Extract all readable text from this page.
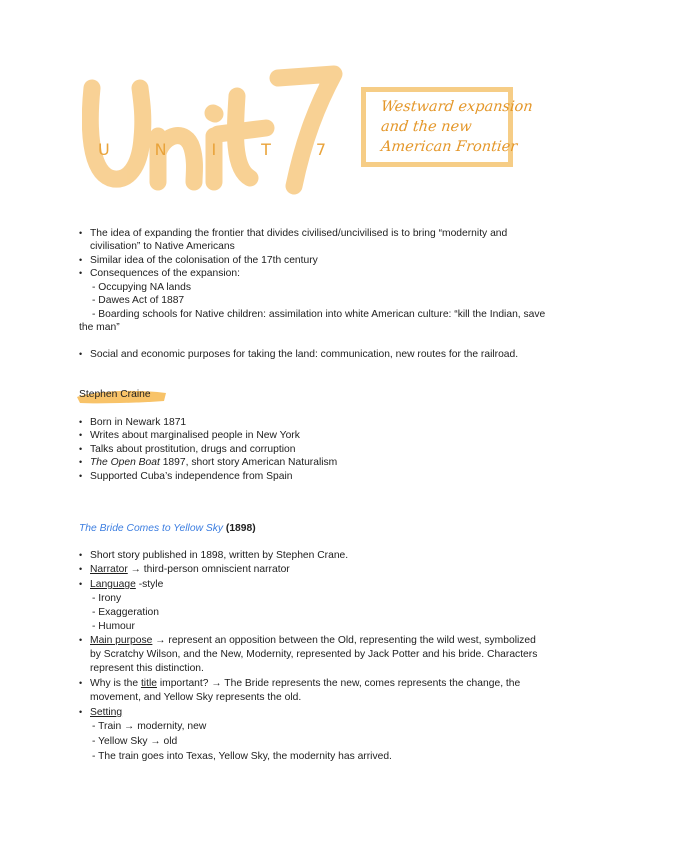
U	N	I	T	7
Westward expansion
and the new
American Frontier
• The idea of expanding the frontier that divides civilised/uncivilised is to bring “modernity and
civilisation” to Native Americans
• Similar idea of the colonisation of the 17th century
• Consequences of the expansion:
- Occupying NA lands
- Dawes Act of 1887
- Boarding schools for Native children: assimilation into white American culture: “kill the Indian, save
the man”
• Social and economic purposes for taking the land: communication, new routes for the railroad.
Stephen Craine
• Born in Newark 1871
• Writes about marginalised people in New York
• Talks about prostitution, drugs and corruption
• The Open Boat 1897, short story American Naturalism
• Supported Cuba’s independence from Spain
The Bride Comes to Yellow Sky (1898)
• Short story published in 1898, written by Stephen Crane.
• Narrator → third-person omniscient narrator
• Language -style
- Irony
- Exaggeration
- Humour
• Main purpose → represent an opposition between the Old, representing the wild west, symbolized
by Scratchy Wilson, and the New, Modernity, represented by Jack Potter and his bride. Characters
represent this distinction.
• Why is the title important? → The Bride represents the new, comes represents the change, the
movement, and Yellow Sky represents the old.
• Setting
- Train → modernity, new
- Yellow Sky → old
- The train goes into Texas, Yellow Sky, the modernity has arrived.
